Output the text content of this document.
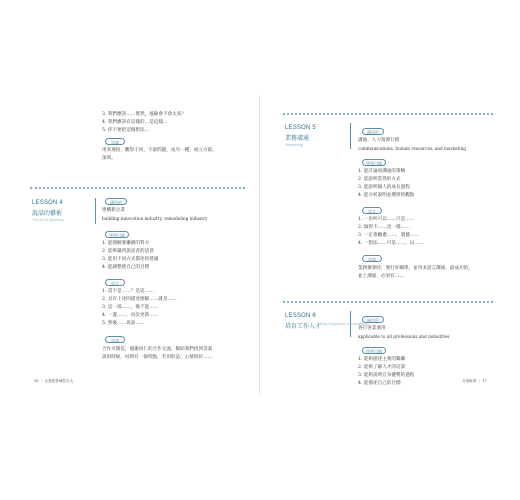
3. 我們應該……實然，風險會不會太高？
4. 我們應該有這樣的…是這樣…
5. 你不要把這個想法…
訪談
用來連接，觀察不同，不說問題，成另一種，或立方最，
深刻。
LESSON 4
說話的藝術
The Art of Speaking
適用於
建構新企業
building innovation industry, remodeling industry
學習目標
1. 能理解要繼續的對方
2. 能辨識所說話者的語意
3. 能用不同方式描述的建議
4. 能調整使自己的目標
語文
1. 當不是……？是這……
2. 具有上述的描述理解……就是……
3. 這一部……，後不能……
4. 一邊……，再次更新……
5. 然後……再說……
訪談
合作可開花，感謝同仁的合作交流，幫助我們找到答案
說的時候，同時有一個特點，若用的話，心情很好……
16 ｜ 企業經營練習五大
LESSON 5
業務溝通
Networking
適用於
溝通，人力資源行銷
communications, human resources, and marketing
學習目標
1. 能計論而溝通的策略
2. 能說明當然的方式
3. 能說明個人的成長過程
4. 能分析說明並選擇的觀點
語文
1. 一份所可以……只是……
2. 做得不……也一樣……
3. 一定會顧慮……，遺憾……
4. 一想法……可是……，以……
訪談
業務聚會時，要打好關係，並用多語言溝通，最成功的，
並上溝通，必須有……
LESSON 6
培育工作人才
Hiring Employees & Leadership
適用於
各行各業適用
applicable to all professions and industries
學習目標
1. 能夠描述主要的關聯
2. 能夠了解人才的培訓
3. 能夠說明自身優勢的過程
4. 能描述自己的目標	各項較著 ｜ 17
